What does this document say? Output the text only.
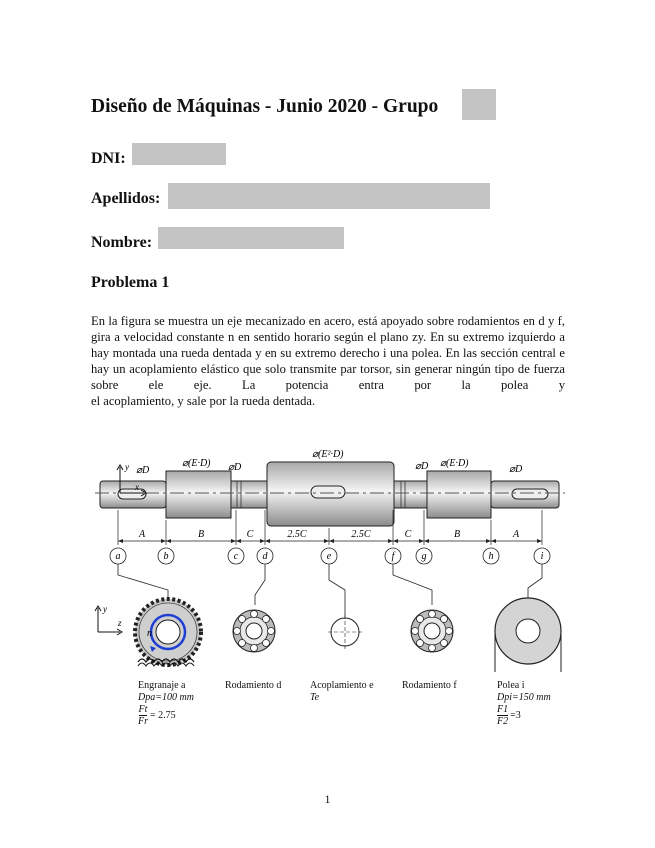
Diseño de Máquinas - Junio 2020 - Grupo
DNI:
Apellidos:
Nombre:
Problema 1
En la figura se muestra un eje mecanizado en acero, está apoyado sobre rodamientos en d y f, gira a velocidad constante n en sentido horario según el plano zy. En su extremo izquierdo a hay montada una rueda dentada y en su extremo derecho i una polea. En las sección central e hay un acoplamiento elástico que solo transmite par torsor, sin generar ningún tipo de fuerza sobre ele eje. La potencia entra por la polea y
el acoplamiento, y sale por la rueda dentada.
y
x
⌀D
⌀(E·D) ⌀D
⌀(E²·D)
⌀D ⌀(E·D)
⌀D
A	B	C	2.5C	2.5C	C	B	A
a	b	c d	e	f	g	h	i
y
z
n
Engranaje a
Dpa=100 mm
$\frac{Ft}{Fr} = 2.75$
Rodamiento d	Acoplamiento e
Te
Rodamiento f	Polea i
Dpi=150 mm
$\frac{F1}{F2} =3$
1
